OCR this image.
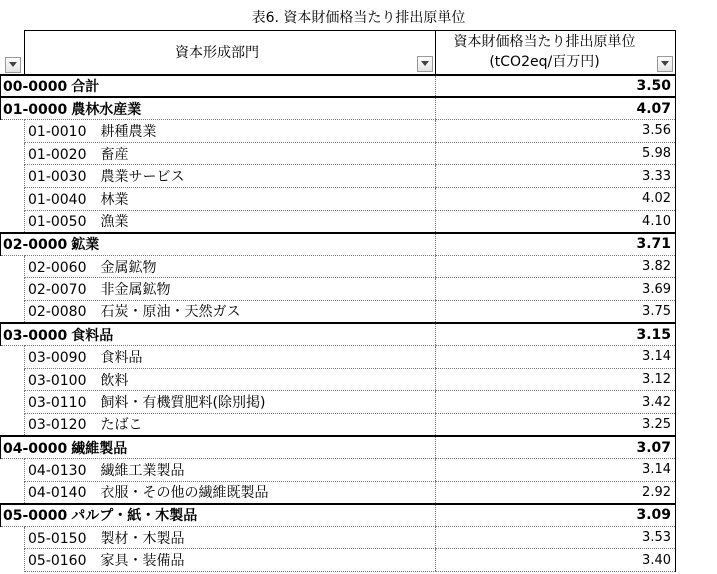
表6. 資本財価格当たり排出原単位
	資本形成部門	資本財価格当たり排出原単位
(tCO2eq/百万円)

00-0000 合計		3.50
01-0000 農林水産業		4.07
	01-0010 耕種農業	3.56
	01-0020 畜産	5.98
	01-0030 農業サービス	3.33
	01-0040 林業	4.02
	01-0050 漁業	4.10
02-0000 鉱業		3.71
	02-0060 金属鉱物	3.82
	02-0070 非金属鉱物	3.69
	02-0080 石炭・原油・天然ガス	3.75
03-0000 食料品		3.15
	03-0090 食料品	3.14
	03-0100 飲料	3.12
	03-0110 飼料・有機質肥料(除別掲)	3.42
	03-0120 たばこ	3.25
04-0000 繊維製品		3.07
	04-0130 繊維工業製品	3.14
	04-0140 衣服・その他の繊維既製品	2.92
05-0000 パルプ・紙・木製品		3.09
	05-0150 製材・木製品	3.53
	05-0160 家具・装備品	3.40
